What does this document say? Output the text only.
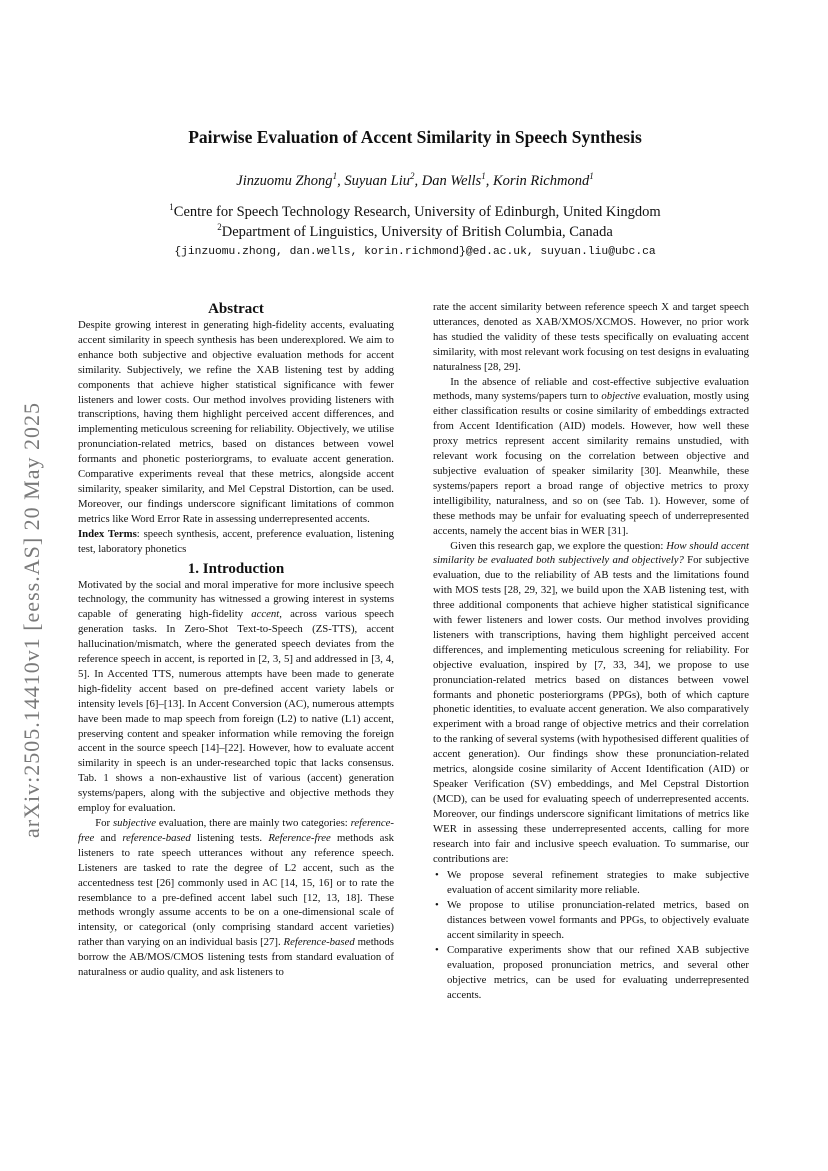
arXiv:2505.14410v1 [eess.AS] 20 May 2025
Pairwise Evaluation of Accent Similarity in Speech Synthesis
Jinzuomu Zhong$^1$, Suyuan Liu$^2$, Dan Wells$^1$, Korin Richmond$^1$
$^1$Centre for Speech Technology Research, University of Edinburgh, United Kingdom
$^2$Department of Linguistics, University of British Columbia, Canada
{jinzuomu.zhong, dan.wells, korin.richmond}@ed.ac.uk, suyuan.liu@ubc.ca
Abstract

Despite growing interest in generating high-fidelity accents, evaluating accent similarity in speech synthesis has been underexplored. We aim to enhance both subjective and objective evaluation methods for accent similarity. Subjectively, we refine the XAB listening test by adding components that achieve higher statistical significance with fewer listeners and lower costs. Our method involves providing listeners with transcriptions, having them highlight perceived accent differences, and implementing meticulous screening for reliability. Objectively, we utilise pronunciation-related metrics, based on distances between vowel formants and phonetic posteriorgrams, to evaluate accent generation. Comparative experiments reveal that these metrics, alongside accent similarity, speaker similarity, and Mel Cepstral Distortion, can be used. Moreover, our findings underscore significant limitations of common metrics like Word Error Rate in assessing underrepresented accents.

Index Terms: speech synthesis, accent, preference evaluation, listening test, laboratory phonetics

1. Introduction

Motivated by the social and moral imperative for more inclusive speech technology, the community has witnessed a growing interest in systems capable of generating high-fidelity accent, across various speech generation tasks. In Zero-Shot Text-to-Speech (ZS-TTS), accent hallucination/mismatch, where the generated speech deviates from the reference speech in accent, is reported in [2, 3, 5] and addressed in [3, 4, 5]. In Accented TTS, numerous attempts have been made to generate high-fidelity accent based on pre-defined accent variety labels or intensity levels [6]–[13]. In Accent Conversion (AC), numerous attempts have been made to map speech from foreign (L2) to native (L1) accent, preserving content and speaker information while removing the foreign accent in the source speech [14]–[22]. However, how to evaluate accent similarity in speech is an under-researched topic that lacks consensus. Tab. 1 shows a non-exhaustive list of various (accent) generation systems/papers, along with the subjective and objective methods they employ for evaluation.

For subjective evaluation, there are mainly two categories: reference-free and reference-based listening tests. Reference-free methods ask listeners to rate speech utterances without any reference speech. Listeners are tasked to rate the degree of L2 accent, such as the accentedness test [26] commonly used in AC [14, 15, 16] or to rate the resemblance to a pre-defined accent label such [12, 13, 18]. These methods wrongly assume accents to be on a one-dimensional scale of intensity, or categorical (only comprising standard accent varieties) rather than varying on an individual basis [27]. Reference-based methods borrow the AB/MOS/CMOS listening tests from standard evaluation of naturalness or audio quality, and ask listeners to

rate the accent similarity between reference speech X and target speech utterances, denoted as XAB/XMOS/XCMOS. However, no prior work has studied the validity of these tests specifically on evaluating accent similarity, with most relevant work focusing on test designs in evaluating naturalness [28, 29].

In the absence of reliable and cost-effective subjective evaluation methods, many systems/papers turn to objective evaluation, mostly using either classification results or cosine similarity of embeddings extracted from Accent Identification (AID) models. However, how well these proxy metrics represent accent similarity remains unstudied, with relevant work focusing on the correlation between objective and subjective evaluation of speaker similarity [30]. Meanwhile, these systems/papers report a broad range of objective metrics to proxy intelligibility, naturalness, and so on (see Tab. 1). However, some of these methods may be unfair for evaluating speech of underrepresented accents, namely the accent bias in WER [31].

Given this research gap, we explore the question: How should accent similarity be evaluated both subjectively and objectively? For subjective evaluation, due to the reliability of AB tests and the limitations found with MOS tests [28, 29, 32], we build upon the XAB listening test, with three additional components that achieve higher statistical significance with fewer listeners and lower costs. Our method involves providing listeners with transcriptions, having them highlight perceived accent differences, and implementing meticulous screening for reliability. For objective evaluation, inspired by [7, 33, 34], we propose to use pronunciation-related metrics based on distances between vowel formants and phonetic posteriorgrams (PPGs), both of which capture phonetic identities, to evaluate accent generation. We also comparatively experiment with a broad range of objective metrics and their correlation to the ranking of several systems (with hypothesised different qualities of accent generation). Our findings show these pronunciation-related metrics, alongside cosine similarity of Accent Identification (AID) or Speaker Verification (SV) embeddings, and Mel Cepstral Distortion (MCD), can be used for evaluating speech of underrepresented accents. Moreover, our findings underscore significant limitations of metrics like WER in assessing these underrepresented accents, calling for more research into fair and inclusive speech evaluation. To summarise, our contributions are:

• We propose several refinement strategies to make subjective evaluation of accent similarity more reliable.
• We propose to utilise pronunciation-related metrics, based on distances between vowel formants and PPGs, to objectively evaluate accent similarity in speech.
• Comparative experiments show that our refined XAB subjective evaluation, proposed pronunciation metrics, and several other objective metrics, can be used for evaluating underrepresented accents.
